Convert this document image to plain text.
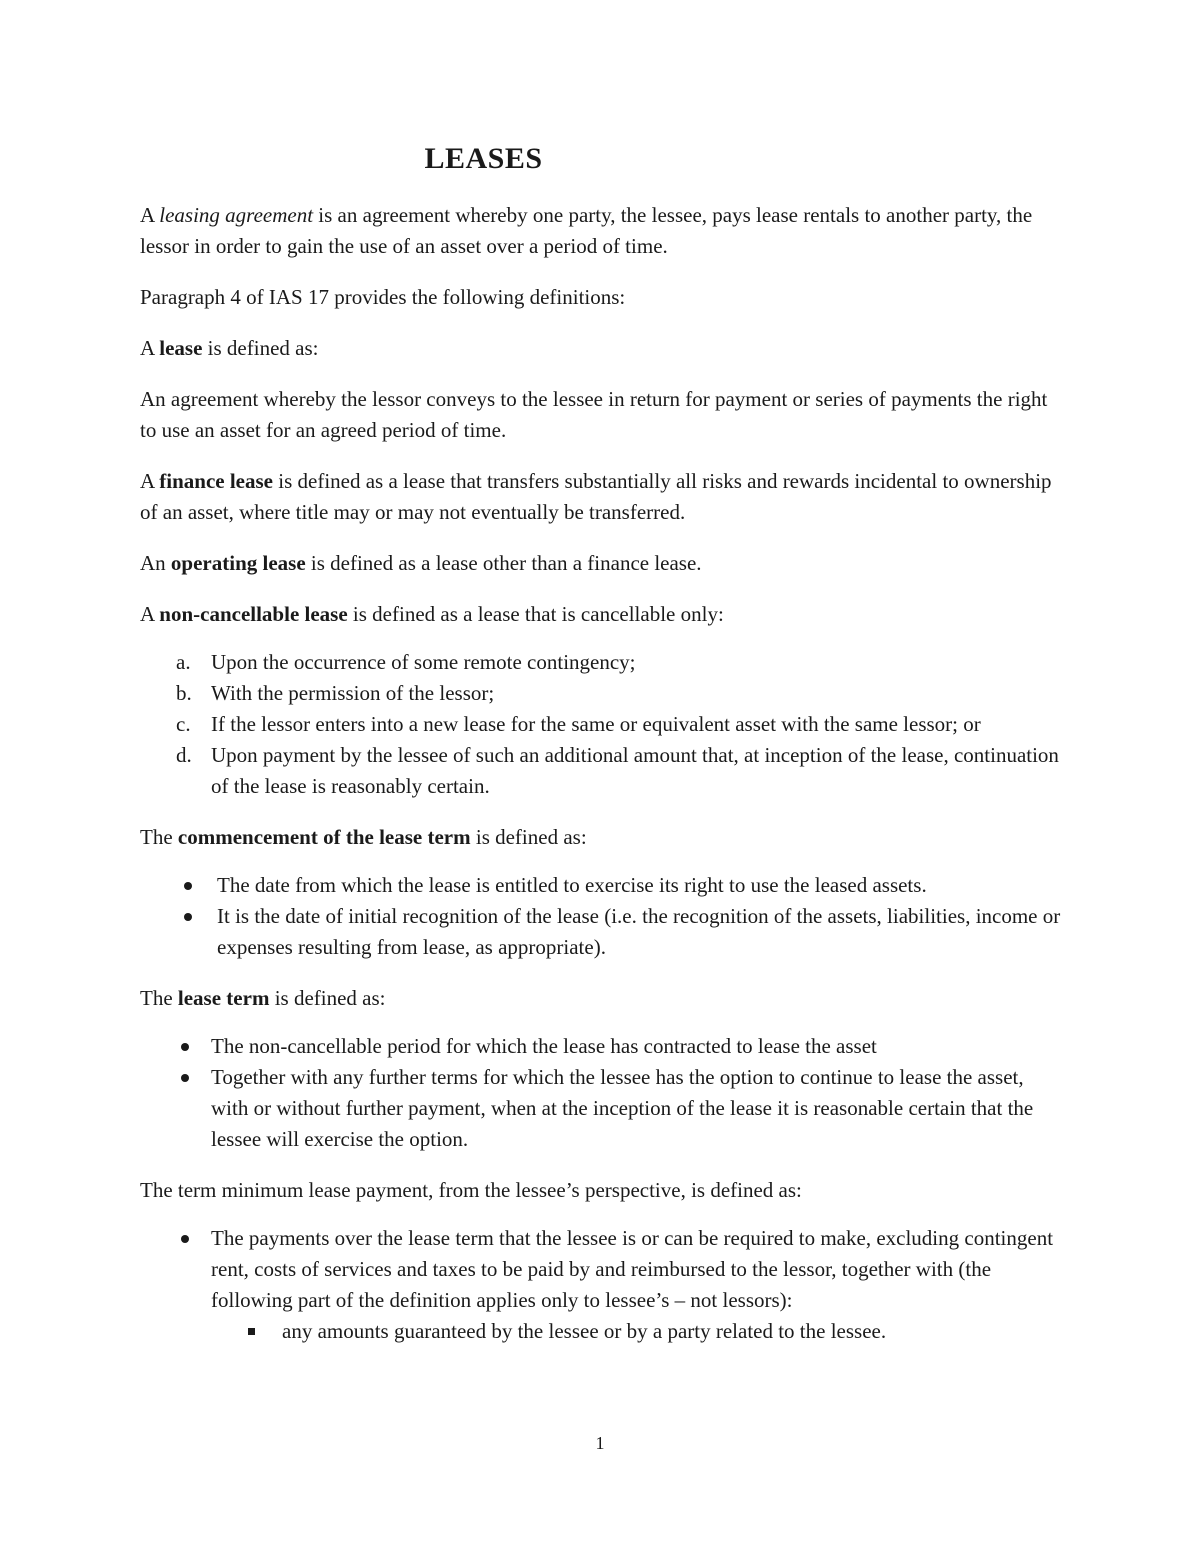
LEASES

A leasing agreement is an agreement whereby one party, the lessee, pays lease rentals to another party, the lessor in order to gain the use of an asset over a period of time.

Paragraph 4 of IAS 17 provides the following definitions:

A lease is defined as:

An agreement whereby the lessor conveys to the lessee in return for payment or series of payments the right to use an asset for an agreed period of time.

A finance lease is defined as a lease that transfers substantially all risks and rewards incidental to ownership of an asset, where title may or may not eventually be transferred.

An operating lease is defined as a lease other than a finance lease.

A non-cancellable lease is defined as a lease that is cancellable only:

a. Upon the occurrence of some remote contingency;
b. With the permission of the lessor;
c. If the lessor enters into a new lease for the same or equivalent asset with the same lessor; or
d. Upon payment by the lessee of such an additional amount that, at inception of the lease, continuation of the lease is reasonably certain.

The commencement of the lease term is defined as:

The date from which the lease is entitled to exercise its right to use the leased assets.
It is the date of initial recognition of the lease (i.e. the recognition of the assets, liabilities, income or expenses resulting from lease, as appropriate).

The lease term is defined as:

The non-cancellable period for which the lease has contracted to lease the asset
Together with any further terms for which the lessee has the option to continue to lease the asset, with or without further payment, when at the inception of the lease it is reasonable certain that the lessee will exercise the option.

The term minimum lease payment, from the lessee’s perspective, is defined as:

The payments over the lease term that the lessee is or can be required to make, excluding contingent rent, costs of services and taxes to be paid by and reimbursed to the lessor, together with (the following part of the definition applies only to lessee’s – not lessors):
any amounts guaranteed by the lessee or by a party related to the lessee.
1
